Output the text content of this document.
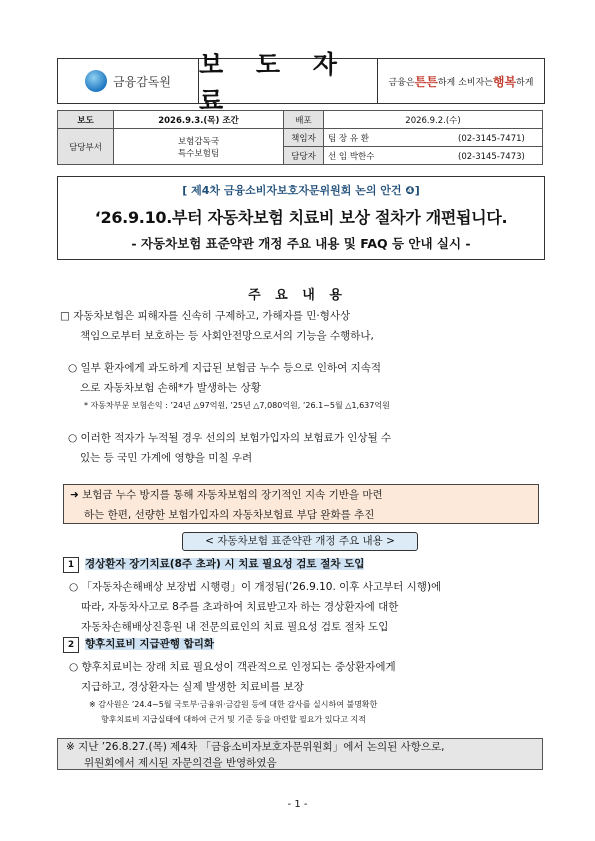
금융감독원
보 도 자 료
금융은 튼튼 하게 소비자는 행복 하게
보도	2026.9.3.(목) 조간	배포	2026.9.2.(수)
담당부서	보험감독국
특수보험팀	책임자	팀 장 유 환 (02-3145-7471)
		담당자	선 임 박한수 (02-3145-7473)
[ 제4차 금융소비자보호자문위원회 논의 안건 ❹]
‘26.9.10.부터 자동차보험 치료비 보상 절차가 개편됩니다.
- 자동차보험 표준약관 개정 주요 내용 및 FAQ 등 안내 실시 -
주 요 내 용
□ 자동차보험은 피해자를 신속히 구제하고, 가해자를 민·형사상
책임으로부터 보호하는 등 사회안전망으로서의 기능을 수행하나,
○ 일부 환자에게 과도하게 지급된 보험금 누수 등으로 인하여 지속적
으로 자동차보험 손해*가 발생하는 상황
* 자동차부문 보험손익 : ’24년 △97억원, ’25년 △7,080억원, ’26.1~5월 △1,637억원
○ 이러한 적자가 누적될 경우 선의의 보험가입자의 보험료가 인상될 수
있는 등 국민 가계에 영향을 미칠 우려
➜ 보험금 누수 방지를 통해 자동차보험의 장기적인 지속 기반을 마련
하는 한편, 선량한 보험가입자의 자동차보험료 부담 완화를 추진
< 자동차보험 표준약관 개정 주요 내용 >
1 경상환자 장기치료(8주 초과) 시 치료 필요성 검토 절차 도입
○ 「자동차손해배상 보장법 시행령」이 개정됨(’26.9.10. 이후 사고부터 시행)에
따라, 자동차사고로 8주를 초과하여 치료받고자 하는 경상환자에 대한
자동차손해배상진흥원 내 전문의료인의 치료 필요성 검토 절차 도입
2 향후치료비 지급관행 합리화
○ 향후치료비는 장래 치료 필요성이 객관적으로 인정되는 중상환자에게
지급하고, 경상환자는 실제 발생한 치료비를 보장
※ 감사원은 ’24.4~5월 국토부·금융위·금감원 등에 대한 감사를 실시하여 불명확한
향후치료비 지급실태에 대하여 근거 및 기준 등을 마련할 필요가 있다고 지적
※ 지난 ’26.8.27.(목) 제4차 「금융소비자보호자문위원회」에서 논의된 사항으로,
위원회에서 제시된 자문의견을 반영하였음
- 1 -
